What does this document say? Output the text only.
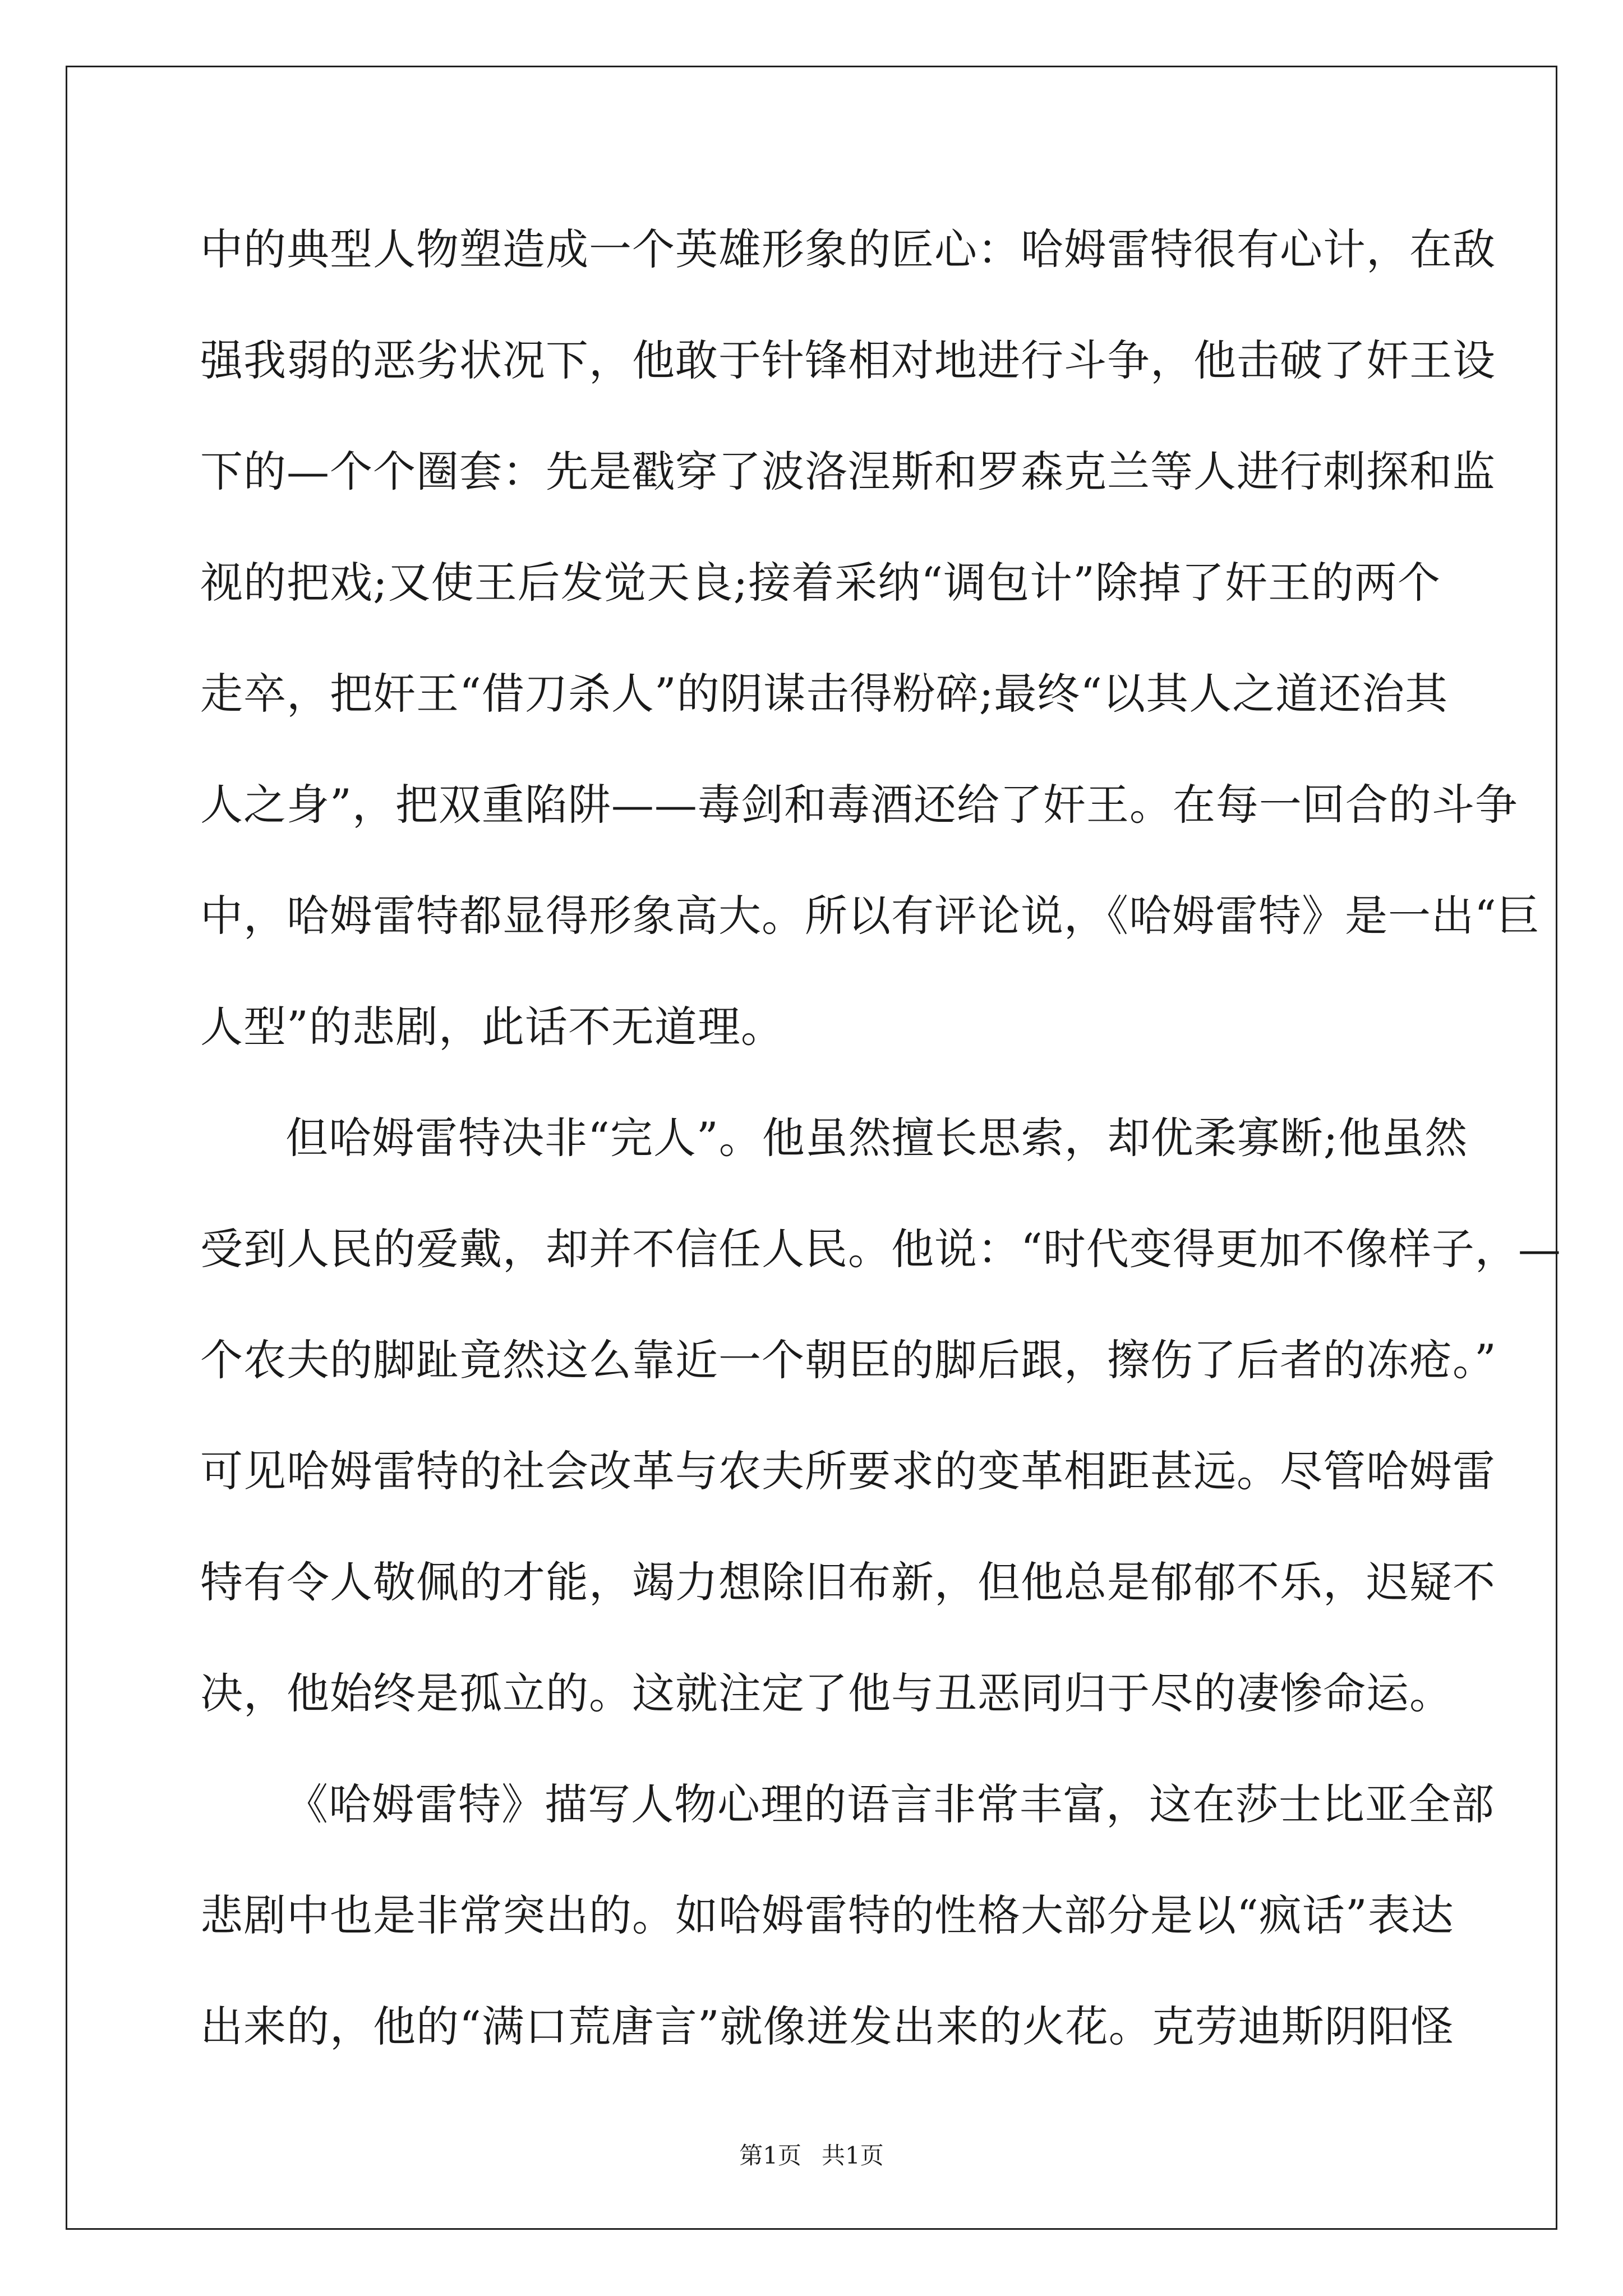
中的典型人物塑造成一个英雄形象的匠心：哈姆雷特很有心计，在敌
强我弱的恶劣状况下，他敢于针锋相对地进行斗争，他击破了奸王设
下的—个个圈套：先是戳穿了波洛涅斯和罗森克兰等人进行刺探和监
视的把戏;又使王后发觉天良;接着采纳“调包计”除掉了奸王的两个
走卒，把奸王“借刀杀人”的阴谋击得粉碎;最终“以其人之道还治其
人之身”，把双重陷阱——毒剑和毒酒还给了奸王。在每一回合的斗争
中，哈姆雷特都显得形象高大。所以有评论说，《哈姆雷特》是一出“巨
人型”的悲剧，此话不无道理。
但哈姆雷特决非“完人”。他虽然擅长思索，却优柔寡断;他虽然
受到人民的爱戴，却并不信任人民。他说：“时代变得更加不像样子，—
个农夫的脚趾竟然这么靠近一个朝臣的脚后跟，擦伤了后者的冻疮。”
可见哈姆雷特的社会改革与农夫所要求的变革相距甚远。尽管哈姆雷
特有令人敬佩的才能，竭力想除旧布新，但他总是郁郁不乐，迟疑不
决，他始终是孤立的。这就注定了他与丑恶同归于尽的凄惨命运。
《哈姆雷特》描写人物心理的语言非常丰富，这在莎士比亚全部
悲剧中也是非常突出的。如哈姆雷特的性格大部分是以“疯话”表达
出来的，他的“满口荒唐言”就像迸发出来的火花。克劳迪斯阴阳怪
第1页 共1页
